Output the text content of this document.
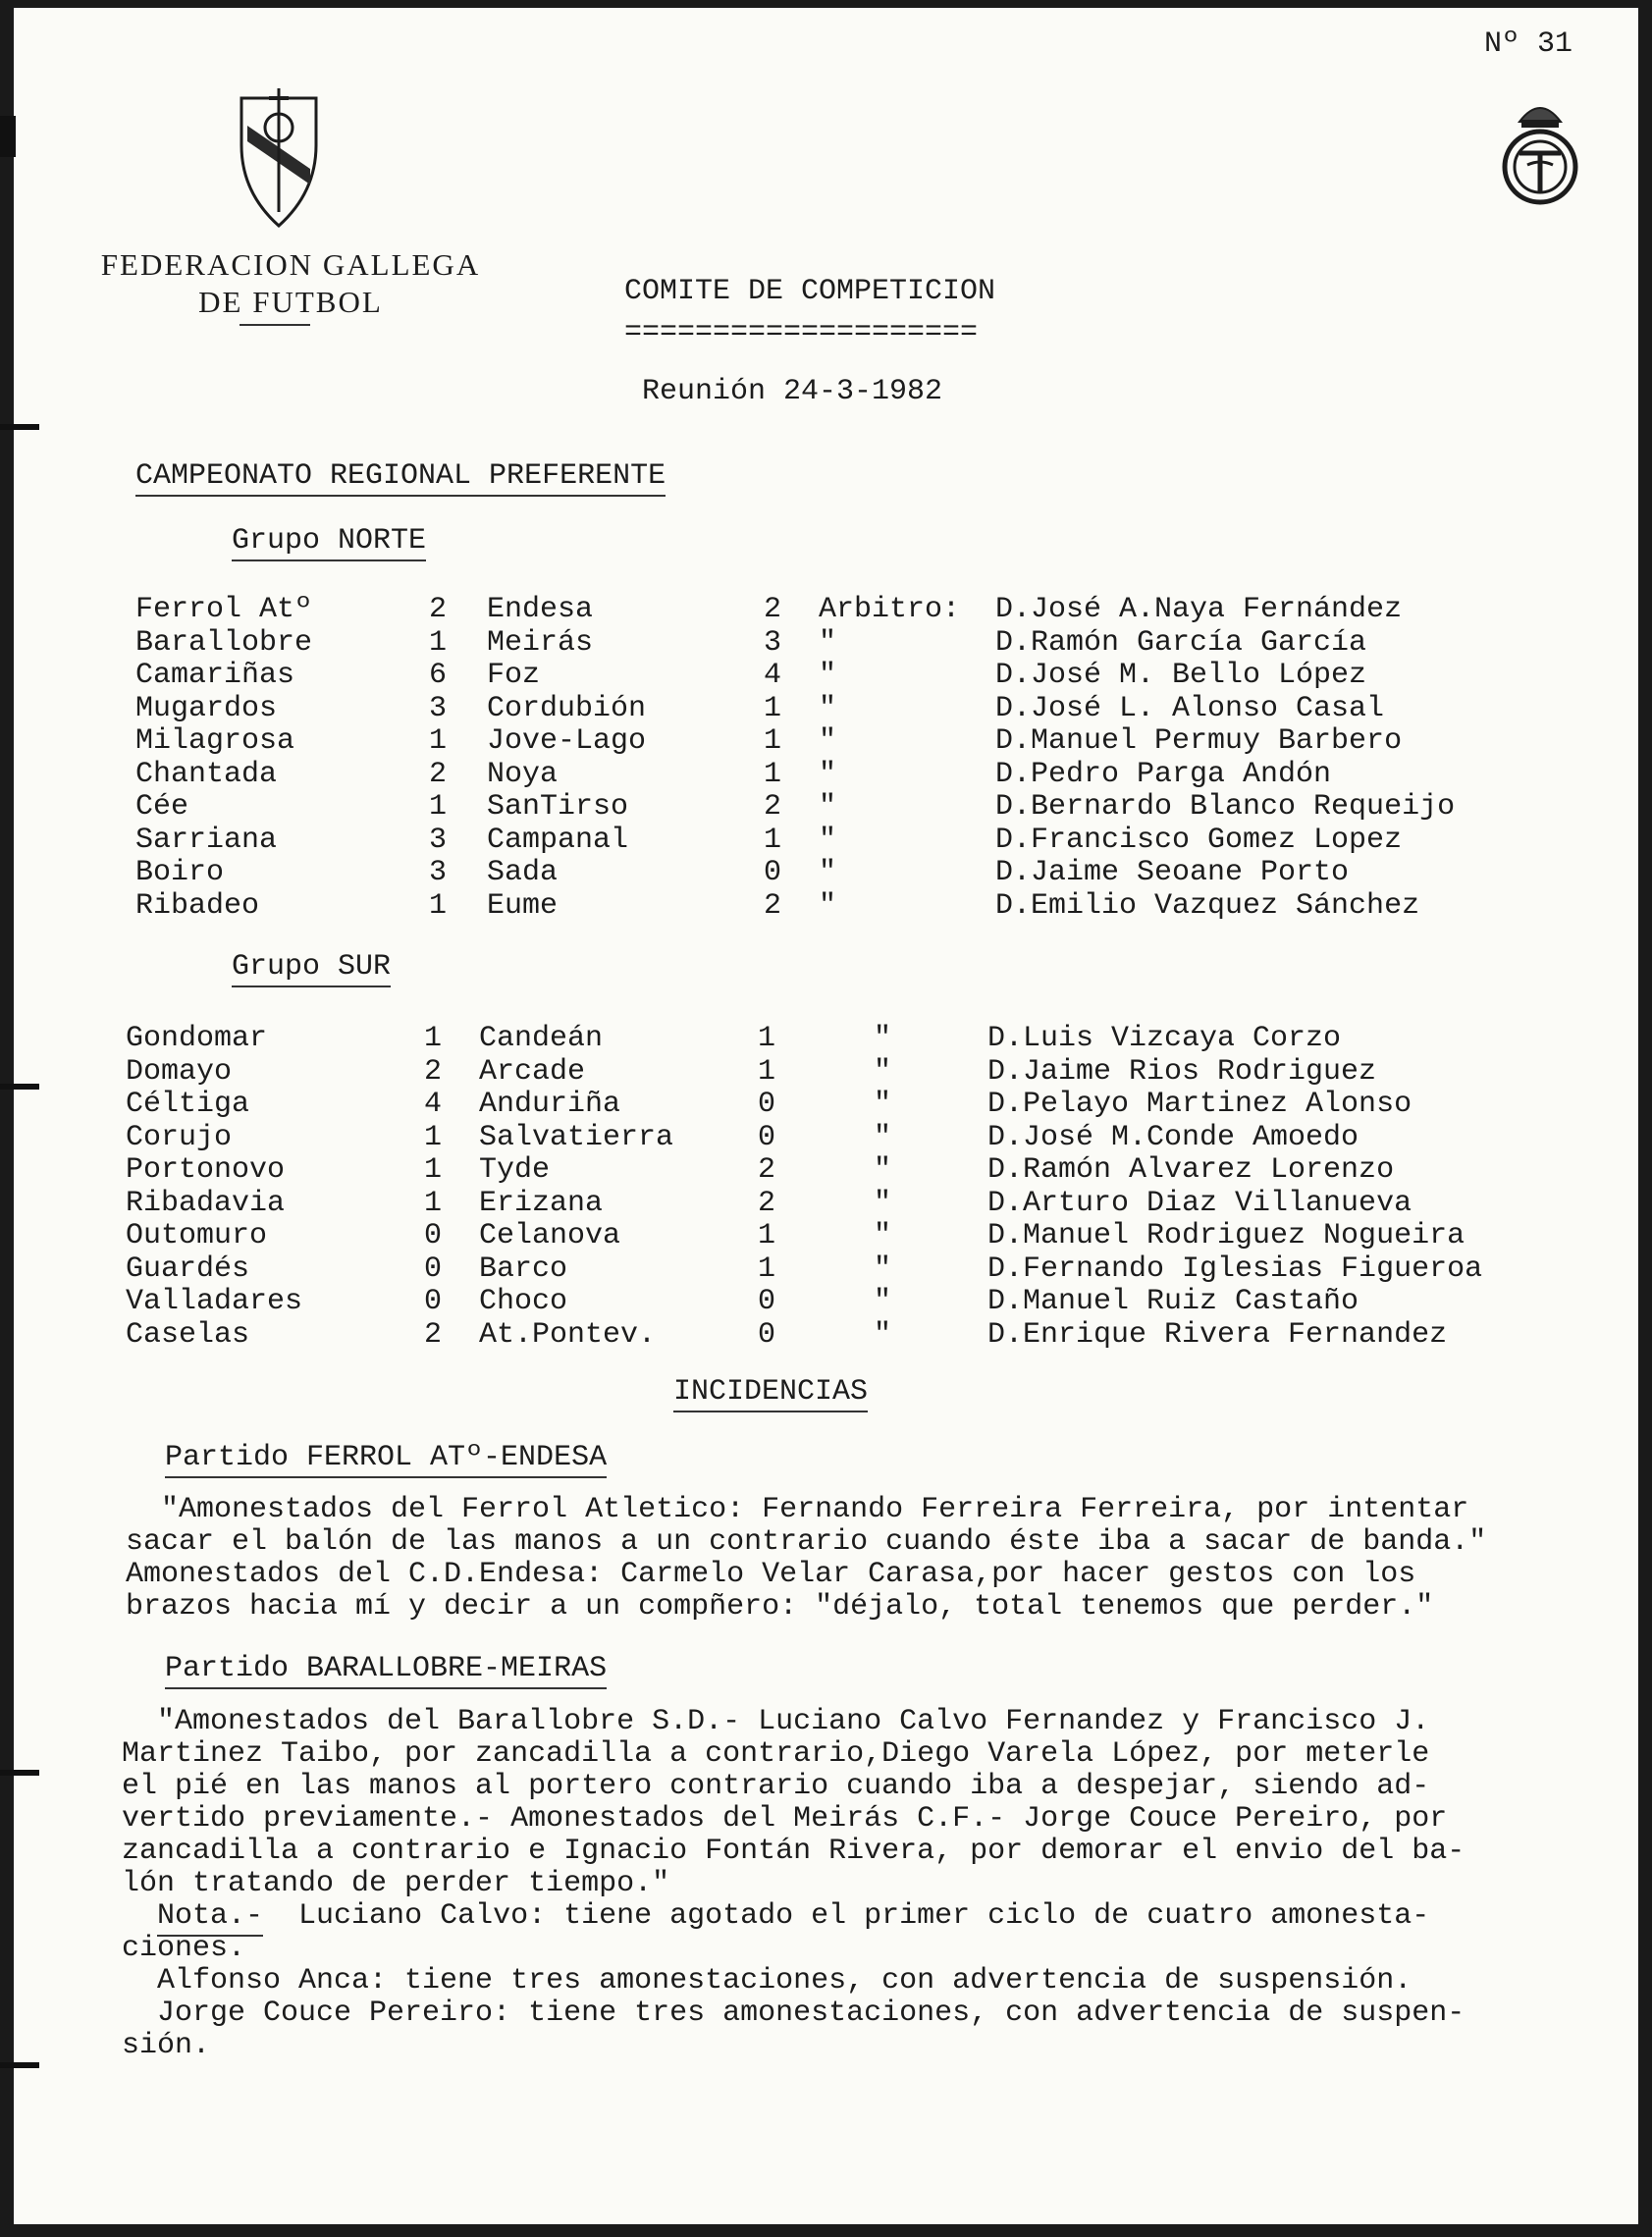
Nº 31
FEDERACION GALLEGA
DE FUTBOL	COMITE DE COMPETICION
====================
Reunión 24-3-1982
CAMPEONATO REGIONAL PREFERENTE
Grupo NORTE
Ferrol Atº	2 Endesa	2 Arbitro: D.José A.Naya Fernández
Barallobre	1 Meirás	3 "	D.Ramón García García
Camariñas	6 Foz	4 "	D.José M. Bello López
Mugardos	3 Cordubión	1 "	D.José L. Alonso Casal
Milagrosa	1 Jove-Lago	1 "	D.Manuel Permuy Barbero
Chantada	2 Noya	1 "	D.Pedro Parga Andón
Cée	1 SanTirso	2 "	D.Bernardo Blanco Requeijo
Sarriana	3 Campanal	1 "	D.Francisco Gomez Lopez
Boiro	3 Sada	0 "	D.Jaime Seoane Porto
Ribadeo	1 Eume	2 "	D.Emilio Vazquez Sánchez
Grupo SUR
Gondomar	1 Candeán	1	"	D.Luis Vizcaya Corzo
Domayo	2 Arcade	1	"	D.Jaime Rios Rodriguez
Céltiga	4 Anduriña	0	"	D.Pelayo Martinez Alonso
Corujo	1 Salvatierra	0	"	D.José M.Conde Amoedo
Portonovo	1 Tyde	2	"	D.Ramón Alvarez Lorenzo
Ribadavia	1 Erizana	2	"	D.Arturo Diaz Villanueva
Outomuro	0 Celanova	1	"	D.Manuel Rodriguez Nogueira
Guardés	0 Barco	1	"	D.Fernando Iglesias Figueroa
Valladares	0 Choco	0	"	D.Manuel Ruiz Castaño
Caselas	2 At.Pontev.	0	"	D.Enrique Rivera Fernandez
INCIDENCIAS
Partido FERROL ATº-ENDESA
"Amonestados del Ferrol Atletico: Fernando Ferreira Ferreira, por intentar
sacar el balón de las manos a un contrario cuando éste iba a sacar de banda."
Amonestados del C.D.Endesa: Carmelo Velar Carasa,por hacer gestos con los
brazos hacia mí y decir a un compñero: "déjalo, total tenemos que perder."
Partido BARALLOBRE-MEIRAS
"Amonestados del Barallobre S.D.- Luciano Calvo Fernandez y Francisco J.
Martinez Taibo, por zancadilla a contrario,Diego Varela López, por meterle
el pié en las manos al portero contrario cuando iba a despejar, siendo ad-
vertido previamente.- Amonestados del Meirás C.F.- Jorge Couce Pereiro, por
zancadilla a contrario e Ignacio Fontán Rivera, por demorar el envio del ba-
lón tratando de perder tiempo."
Nota.- Luciano Calvo: tiene agotado el primer ciclo de cuatro amonesta-
ciones.
Alfonso Anca: tiene tres amonestaciones, con advertencia de suspensión.
Jorge Couce Pereiro: tiene tres amonestaciones, con advertencia de suspen-
sión.
